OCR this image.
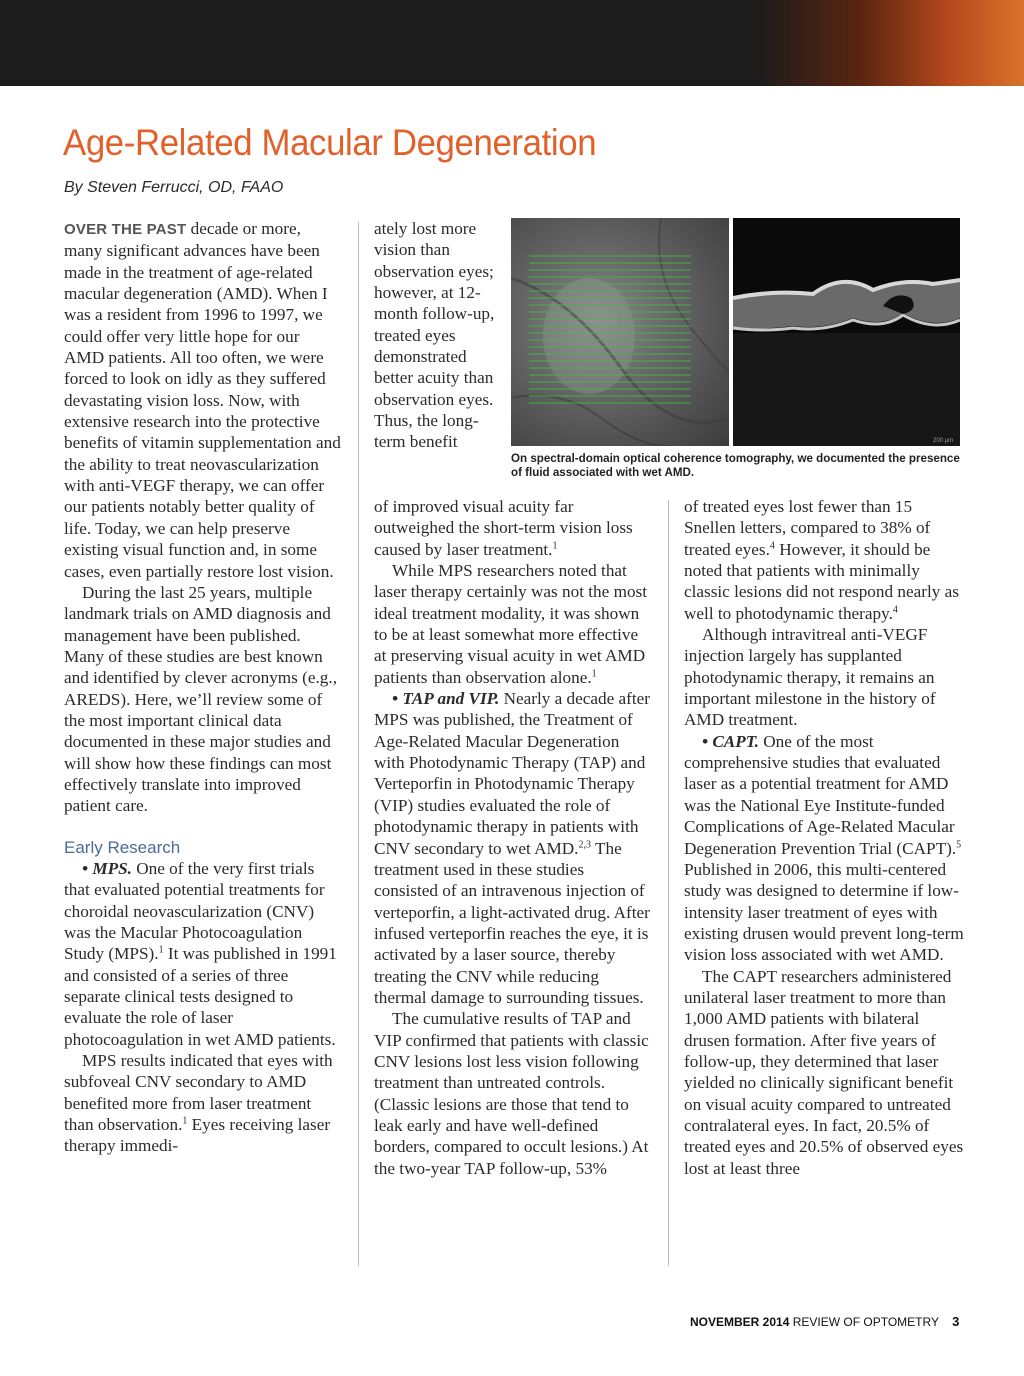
Age-Related Macular Degeneration
By Steven Ferrucci, OD, FAAO

OVER THE PAST decade or more, many significant advances have been made in the treatment of age-related macular degeneration (AMD). When I was a resident from 1996 to 1997, we could offer very little hope for our AMD patients. All too often, we were forced to look on idly as they suffered devastating vision loss. Now, with extensive research into the protective benefits of vitamin supplementation and the ability to treat neovascularization with anti-VEGF therapy, we can offer our patients notably better quality of life. Today, we can help preserve existing visual function and, in some cases, even partially restore lost vision.

During the last 25 years, multiple landmark trials on AMD diagnosis and management have been published. Many of these studies are best known and identified by clever acronyms (e.g., AREDS). Here, we’ll review some of the most important clinical data documented in these major studies and will show how these findings can most effectively translate into improved patient care.

Early Research

• MPS. One of the very first trials that evaluated potential treatments for choroidal neovascularization (CNV) was the Macular Photocoagulation Study (MPS).$^1$ It was published in 1991 and consisted of a series of three separate clinical tests designed to evaluate the role of laser photocoagulation in wet AMD patients.

MPS results indicated that eyes with subfoveal CNV secondary to AMD benefited more from laser treatment than observation.$^1$ Eyes receiving laser therapy immedi-

ately lost more vision than observation eyes; however, at 12-month follow-up, treated eyes demonstrated better acuity than observation eyes. Thus, the long-term benefit	200 µm
On spectral-domain optical coherence tomography, we documented the presence of fluid associated with wet AMD.

of improved visual acuity far outweighed the short-term vision loss caused by laser treatment.$^1$

While MPS researchers noted that laser therapy certainly was not the most ideal treatment modality, it was shown to be at least somewhat more effective at preserving visual acuity in wet AMD patients than observation alone.$^1$

• TAP and VIP. Nearly a decade after MPS was published, the Treatment of Age-Related Macular Degeneration with Photodynamic Therapy (TAP) and Verteporfin in Photodynamic Therapy (VIP) studies evaluated the role of photodynamic therapy in patients with CNV secondary to wet AMD.$^{2,3}$ The treatment used in these studies consisted of an intravenous injection of verteporfin, a light-activated drug. After infused verteporfin reaches the eye, it is activated by a laser source, thereby treating the CNV while reducing thermal damage to surrounding tissues.

The cumulative results of TAP and VIP confirmed that patients with classic CNV lesions lost less vision following treatment than untreated controls. (Classic lesions are those that tend to leak early and have well-defined borders, compared to occult lesions.) At the two-year TAP follow-up, 53%

of treated eyes lost fewer than 15 Snellen letters, compared to 38% of treated eyes.$^4$ However, it should be noted that patients with minimally classic lesions did not respond nearly as well to photodynamic therapy.$^4$

Although intravitreal anti-VEGF injection largely has supplanted photodynamic therapy, it remains an important milestone in the history of AMD treatment.

• CAPT. One of the most comprehensive studies that evaluated laser as a potential treatment for AMD was the National Eye Institute-funded Complications of Age-Related Macular Degeneration Prevention Trial (CAPT).$^5$ Published in 2006, this multi-centered study was designed to determine if low-intensity laser treatment of eyes with existing drusen would prevent long-term vision loss associated with wet AMD.

The CAPT researchers administered unilateral laser treatment to more than 1,000 AMD patients with bilateral drusen formation. After five years of follow-up, they determined that laser yielded no clinically significant benefit on visual acuity compared to untreated contralateral eyes. In fact, 20.5% of treated eyes and 20.5% of observed eyes lost at least three

NOVEMBER 2014 REVIEW OF OPTOMETRY 3
